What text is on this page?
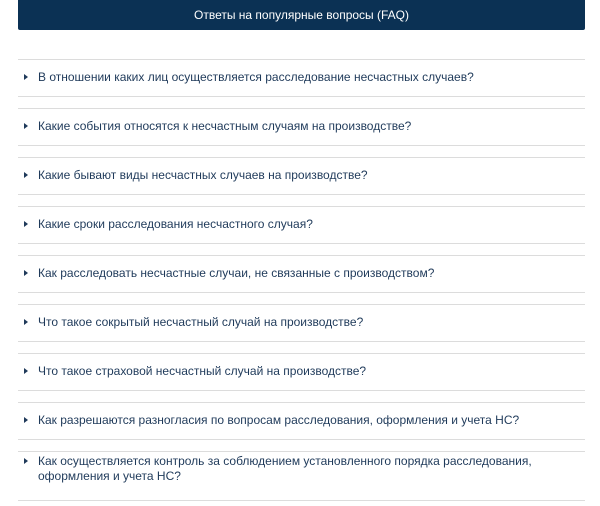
Ответы на популярные вопросы (FAQ)
В отношении каких лиц осуществляется расследование несчастных случаев?
Какие события относятся к несчастным случаям на производстве?
Какие бывают виды несчастных случаев на производстве?
Какие сроки расследования несчастного случая?
Как расследовать несчастные случаи, не связанные с производством?
Что такое сокрытый несчастный случай на производстве?
Что такое страховой несчастный случай на производстве?
Как разрешаются разногласия по вопросам расследования, оформления и учета НС?
Как осуществляется контроль за соблюдением установленного порядка расследования, оформления и учета НС?
